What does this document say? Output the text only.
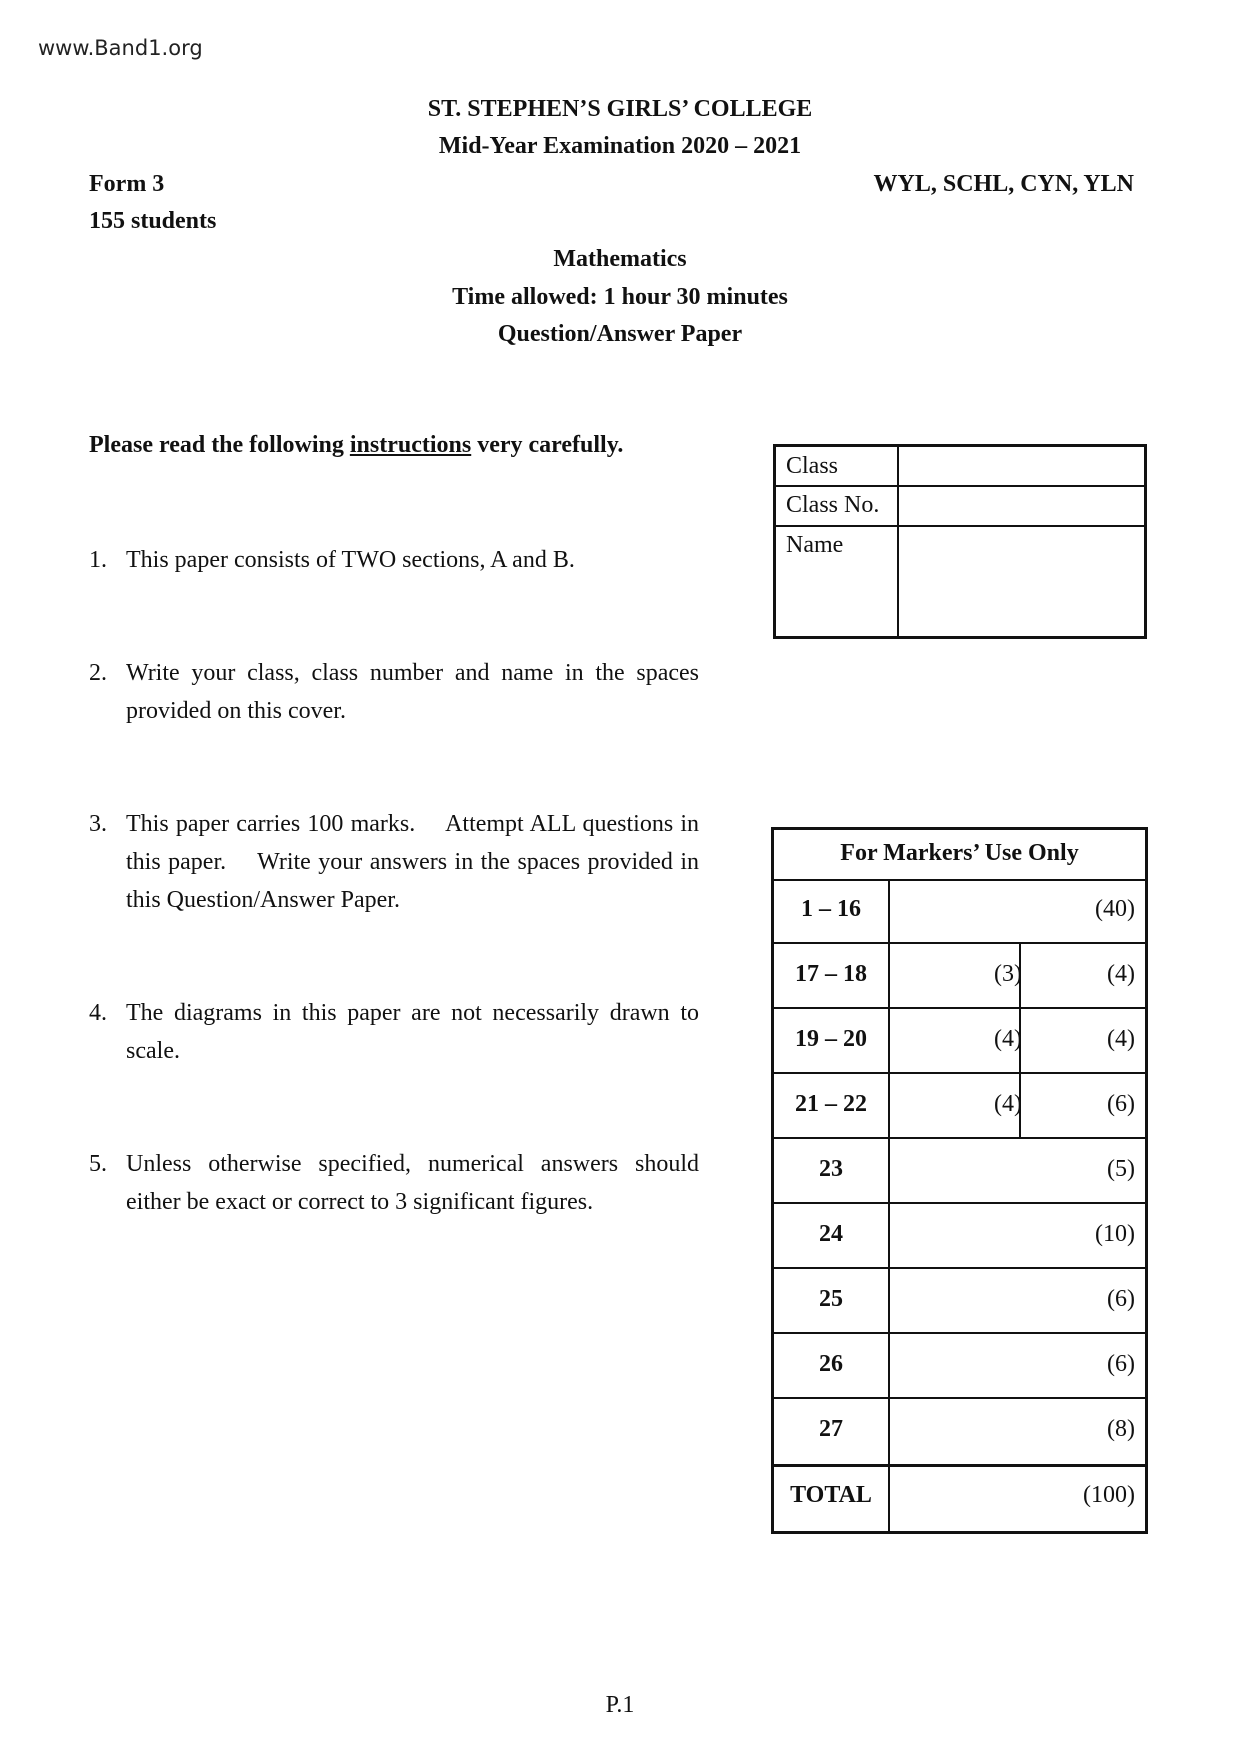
www.Band1.org
ST. STEPHEN’S GIRLS’ COLLEGE
Mid-Year Examination 2020 – 2021
Form 3	WYL, SCHL, CYN, YLN
155 students
Mathematics
Time allowed: 1 hour 30 minutes
Question/Answer Paper
Please read the following instructions very carefully.
1. This paper consists of TWO sections, A and B.
2. Write your class, class number and name in the spaces provided on this cover.
3. This paper carries 100 marks.  Attempt ALL questions in this paper.  Write your answers in the spaces provided in this Question/Answer Paper.
4. The diagrams in this paper are not necessarily drawn to scale.
5. Unless otherwise specified, numerical answers should either be exact or correct to 3 significant figures.
Class
Class No.
Name
For Markers’ Use Only
1 – 16	(40)
17 – 18	(3)	(4)
19 – 20	(4)	(4)
21 – 22	(4)	(6)
23	(5)
24	(10)
25	(6)
26	(6)
27	(8)
TOTAL	(100)
P.1
